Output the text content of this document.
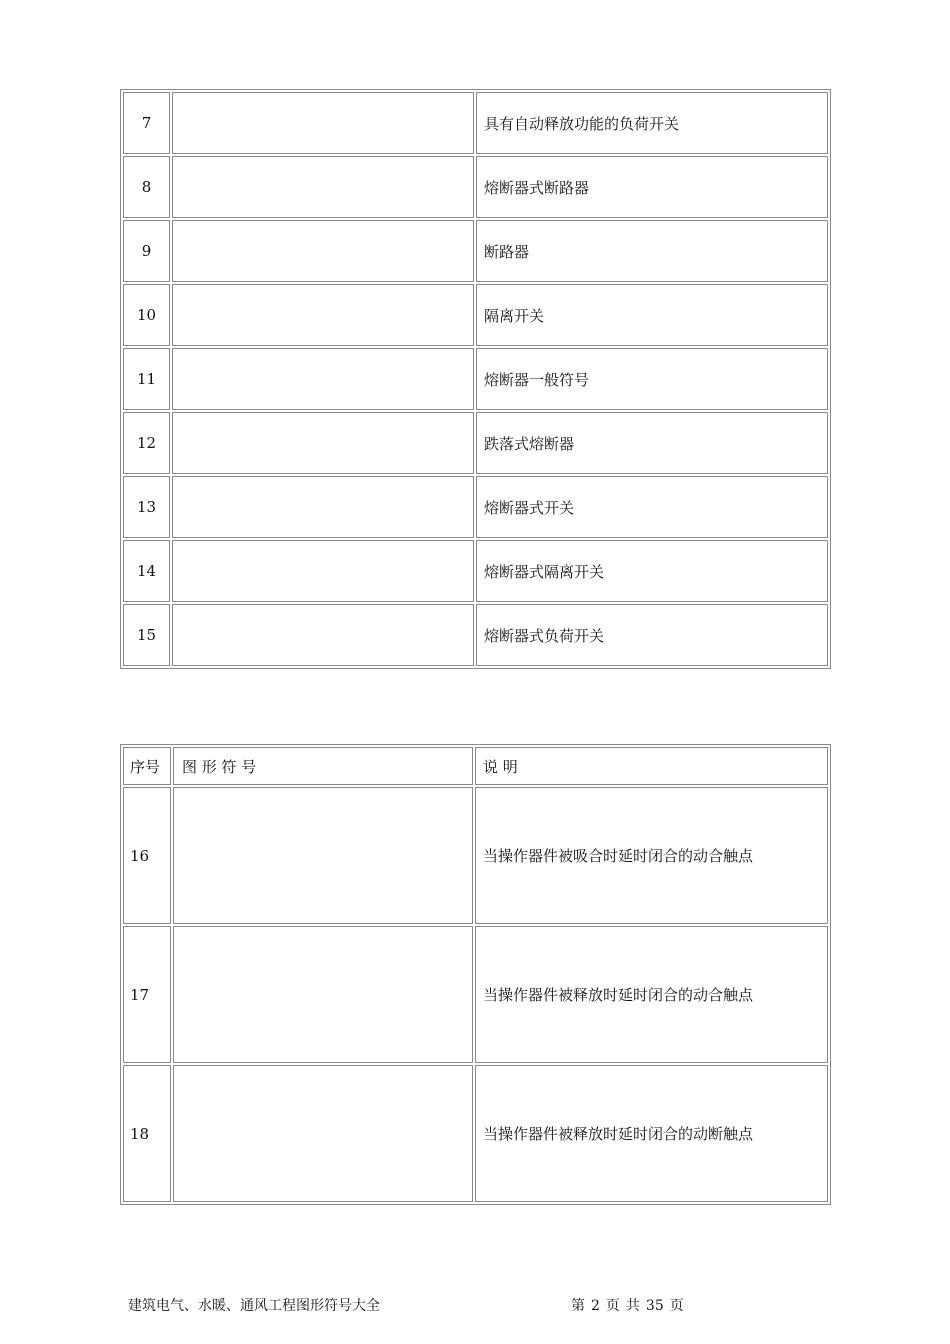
7		具有自动释放功能的负荷开关
8		熔断器式断路器
9		断路器
10		隔离开关
11		熔断器一般符号
12		跌落式熔断器
13		熔断器式开关
14		熔断器式隔离开关
15		熔断器式负荷开关
序号	图 形 符 号	说 明
16		当操作器件被吸合时延时闭合的动合触点
17		当操作器件被释放时延时闭合的动合触点
18		当操作器件被释放时延时闭合的动断触点
建筑电气、水暖、通风工程图形符号大全	第 2 页 共 35 页
